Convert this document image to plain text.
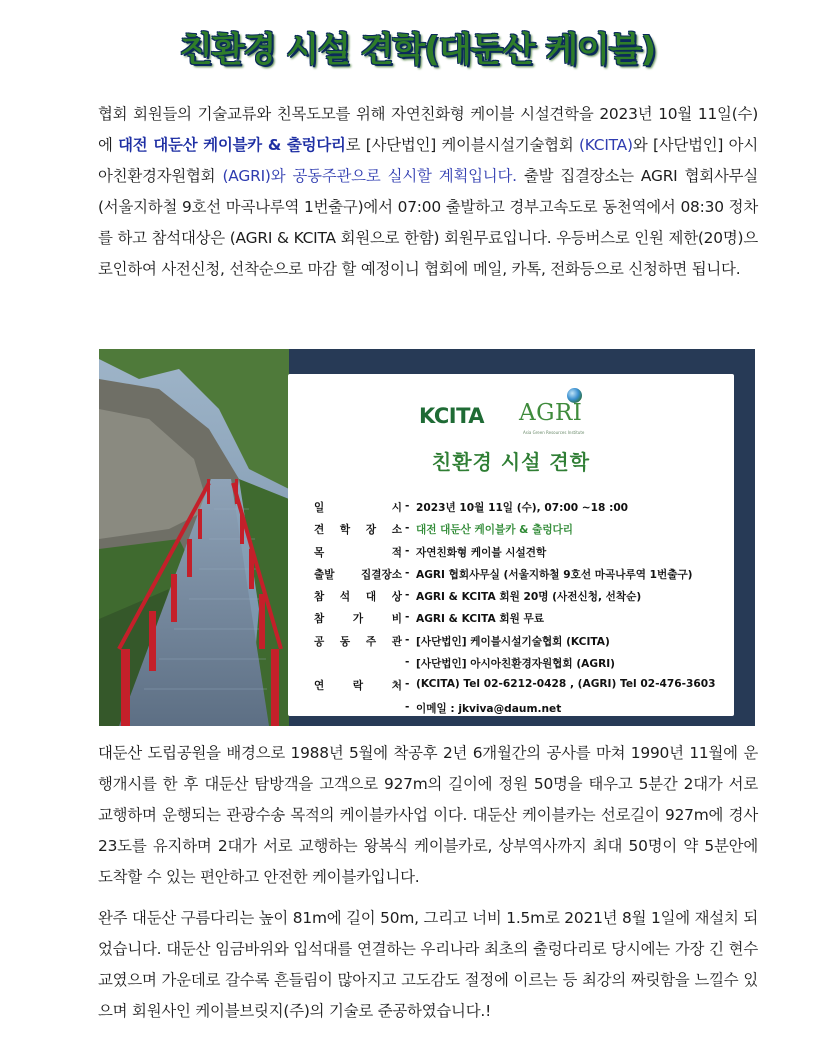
친환경 시설 견학(대둔산 케이블)

협회 회원들의 기술교류와 친목도모를 위해 자연친화형 케이블 시설견학을 2023년 10월 11일(수)에 대전 대둔산 케이블카 & 출렁다리로 [사단법인] 케이블시설기술협회 (KCITA)와 [사단법인] 아시아친환경자원협회 (AGRI)와 공동주관으로 실시할 계획입니다. 출발 집결장소는 AGRI 협회사무실 (서울지하철 9호선 마곡나루역 1번출구)에서 07:00 출발하고 경부고속도로 동천역에서 08:30 정차를 하고 참석대상은 (AGRI & KCITA 회원으로 한함) 회원무료입니다. 우등버스로 인원 제한(20명)으로인하여 사전신청, 선착순으로 마감 할 예정이니 협회에 메일, 카톡, 전화등으로 신청하면 됩니다.

KCITA AGRI
Asia Green Resources Institute
친환경 시설 견학
일       시 - 2023년 10월 11일 (수), 07:00 ~18 :00
견 학 장 소 - 대전 대둔산 케이블카 & 출렁다리
목       적 - 자연친화형 케이블 시설견학
출발 집결장소 - AGRI 협회사무실 (서울지하철 9호선 마곡나루역 1번출구)
참 석 대 상 - AGRI & KCITA 회원 20명 (사전신청, 선착순)
참   가   비 - AGRI & KCITA 회원 무료
공 동 주 관 - [사단법인] 케이블시설기술협회 (KCITA)
- [사단법인] 아시아친환경자원협회 (AGRI)
연   락   처 - (KCITA) Tel 02-6212-0428 , (AGRI) Tel 02-476-3603
- 이메일 : jkviva@daum.net

대둔산 도립공원을 배경으로 1988년 5월에 착공후 2년 6개월간의 공사를 마쳐 1990년 11월에 운행개시를 한 후 대둔산 탐방객을 고객으로 927m의 길이에 정원 50명을 태우고 5분간 2대가 서로 교행하며 운행되는 관광수송 목적의 케이블카사업 이다. 대둔산 케이블카는 선로길이 927m에 경사 23도를 유지하며 2대가 서로 교행하는 왕복식 케이블카로, 상부역사까지 최대 50명이 약 5분안에 도착할 수 있는 편안하고 안전한 케이블카입니다.

완주 대둔산 구름다리는 높이 81m에 길이 50m, 그리고 너비 1.5m로 2021년 8월 1일에 재설치 되었습니다. 대둔산 임금바위와 입석대를 연결하는 우리나라 최초의 출렁다리로 당시에는 가장 긴 현수교였으며 가운데로 갈수록 흔들림이 많아지고 고도감도 절정에 이르는 등 최강의 짜릿함을 느낄수 있으며 회원사인 케이블브릿지(주)의 기술로 준공하였습니다.!
